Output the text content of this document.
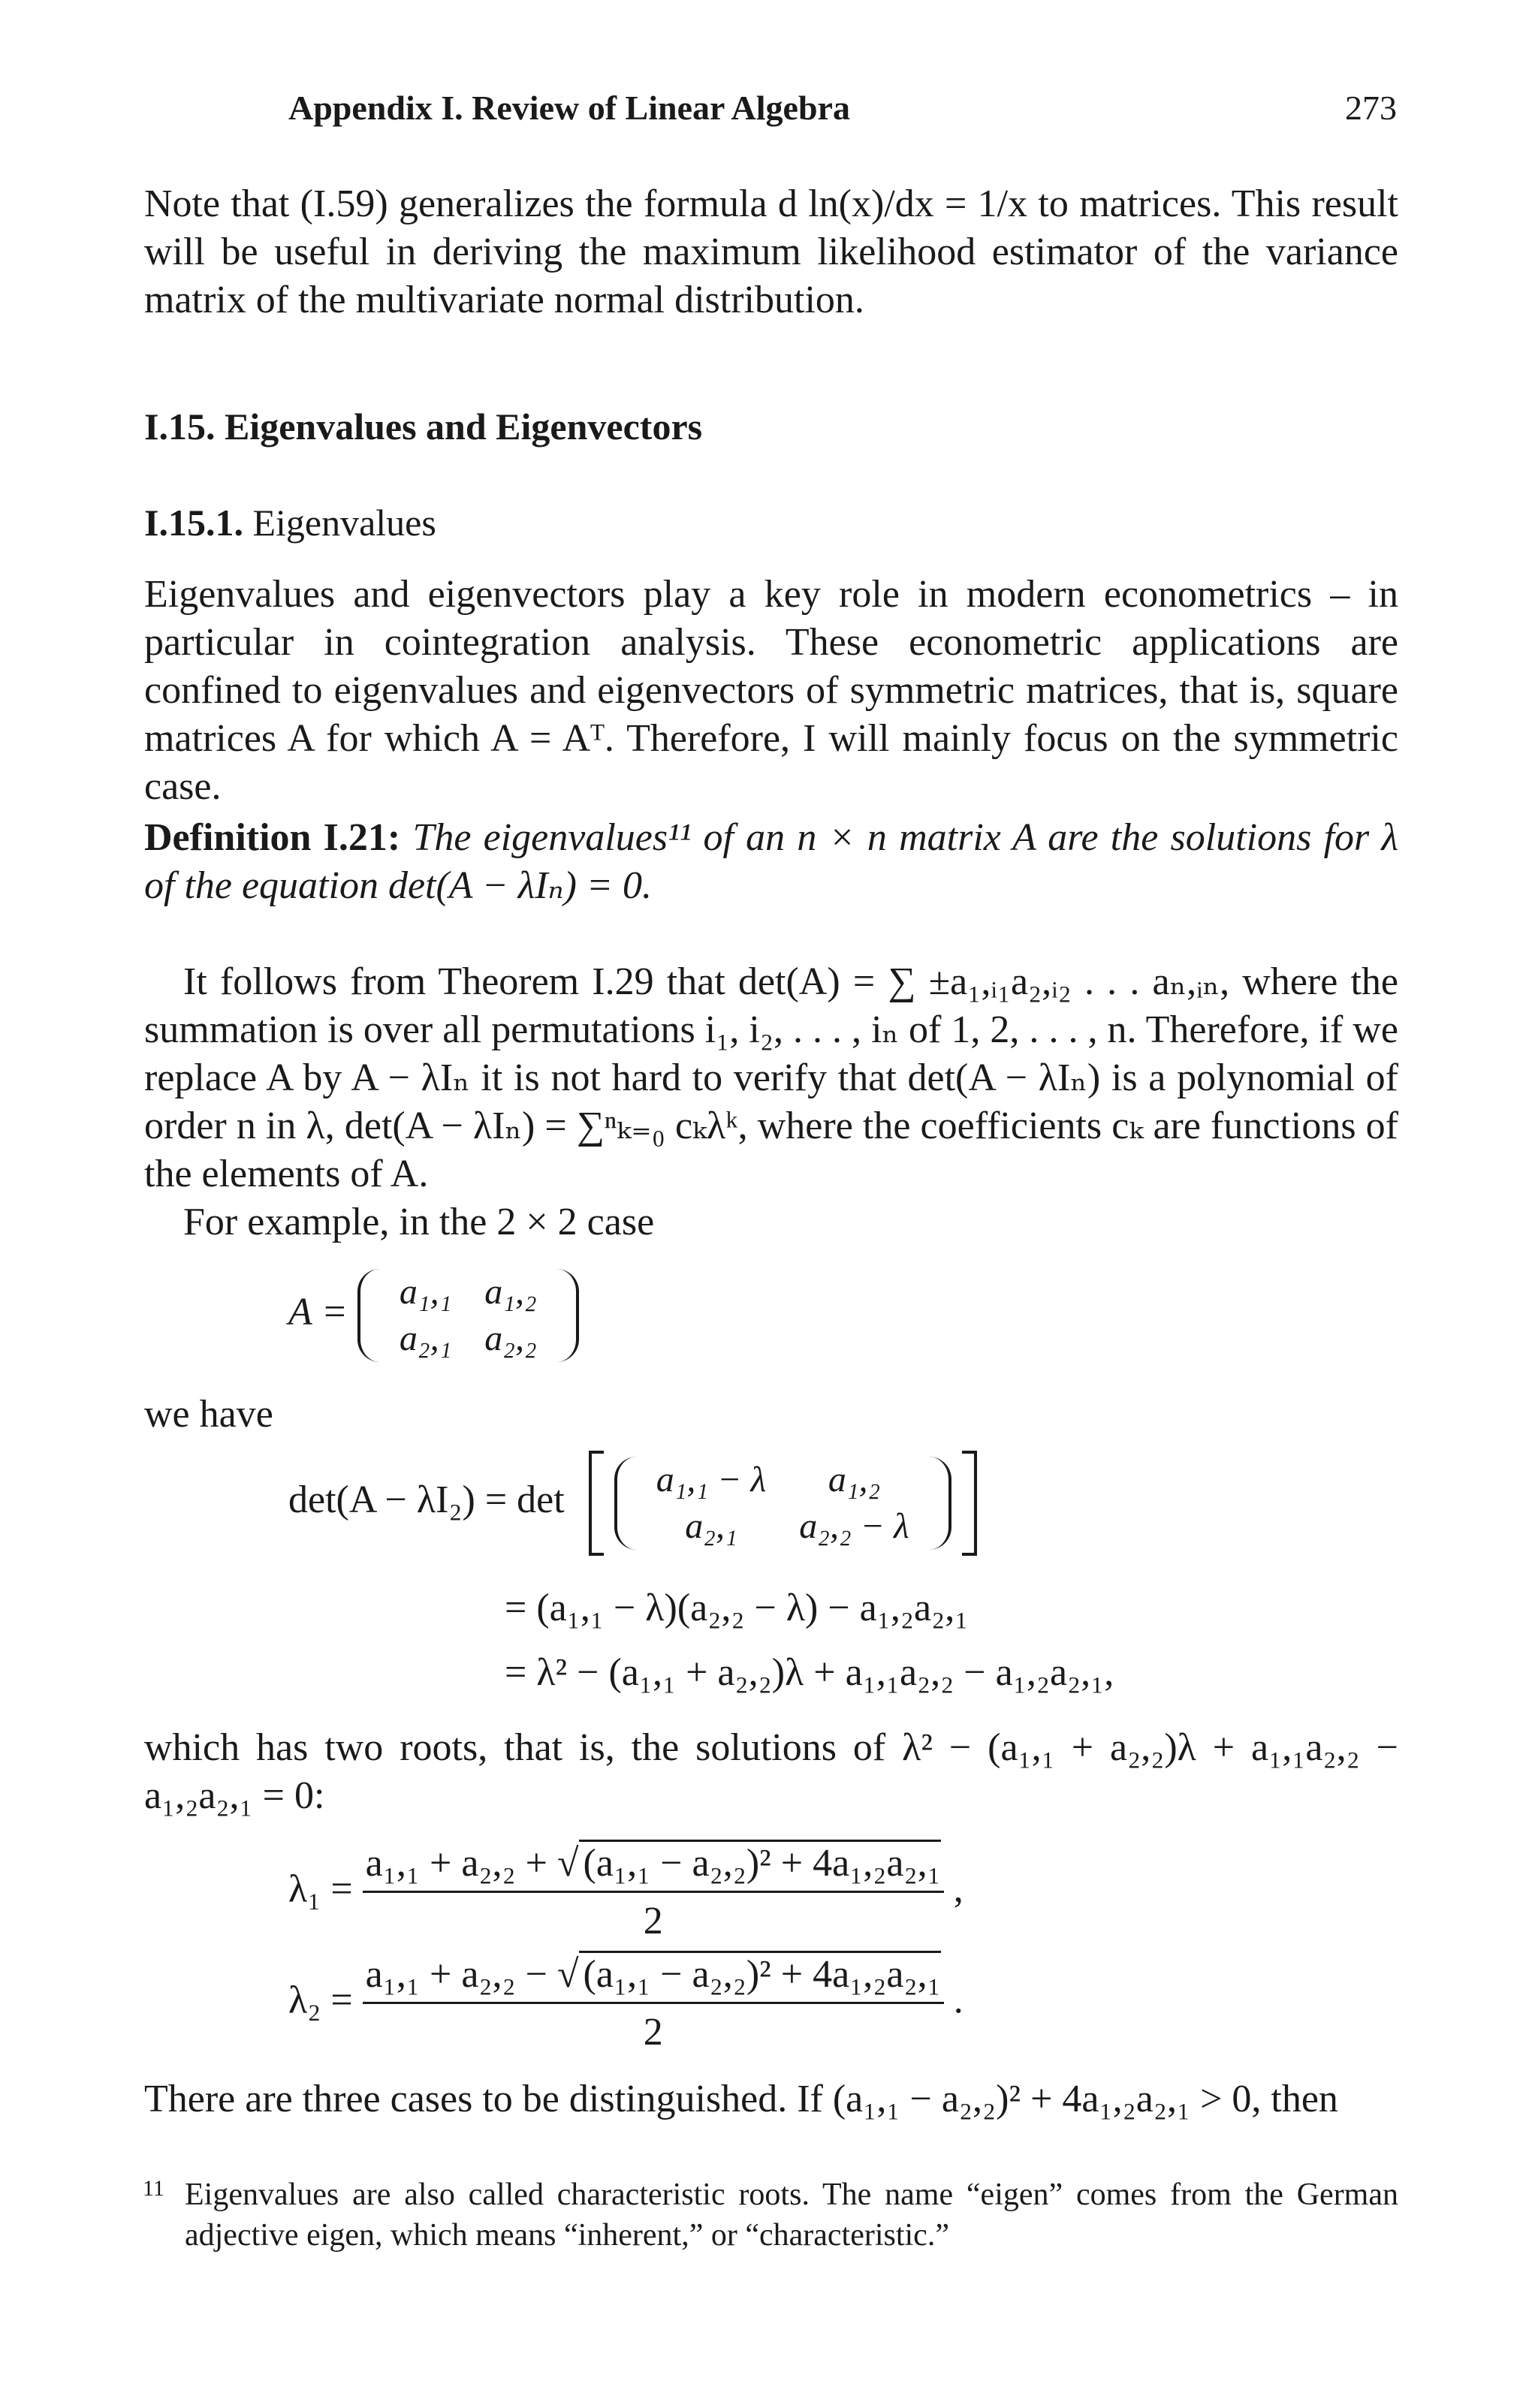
Appendix I. Review of Linear Algebra	273
Note that (I.59) generalizes the formula d ln(x)/dx = 1/x to matrices. This result will be useful in deriving the maximum likelihood estimator of the variance matrix of the multivariate normal distribution.
I.15. Eigenvalues and Eigenvectors
I.15.1. Eigenvalues
Eigenvalues and eigenvectors play a key role in modern econometrics – in particular in cointegration analysis. These econometric applications are confined to eigenvalues and eigenvectors of symmetric matrices, that is, square matrices A for which A = Aᵀ. Therefore, I will mainly focus on the symmetric case.
Definition I.21: The eigenvalues¹¹ of an n × n matrix A are the solutions for λ of the equation det(A − λIₙ) = 0.
It follows from Theorem I.29 that det(A) = ∑ ±a₁,ᵢ₁a₂,ᵢ₂ . . . aₙ,ᵢₙ, where the summation is over all permutations i₁, i₂, . . . , iₙ of 1, 2, . . . , n. Therefore, if we replace A by A − λIₙ it is not hard to verify that det(A − λIₙ) is a polynomial of order n in λ, det(A − λIₙ) = ∑ⁿₖ₌₀ cₖλᵏ, where the coefficients cₖ are functions of the elements of A.
For example, in the 2 × 2 case
A = a₁,₁	a₁,₂
a₂,₁	a₂,₂
we have
det(A − λI₂) = det	a₁,₁ − λ	a₁,₂
a₂,₁	a₂,₂ − λ
= (a₁,₁ − λ)(a₂,₂ − λ) − a₁,₂a₂,₁
= λ² − (a₁,₁ + a₂,₂)λ + a₁,₁a₂,₂ − a₁,₂a₂,₁,
which has two roots, that is, the solutions of λ² − (a₁,₁ + a₂,₂)λ + a₁,₁a₂,₂ − a₁,₂a₂,₁ = 0:
$\lambda_1 = \frac{\text{a₁,₁ + a₂,₂ + √ (a₁,₁ − a₂,₂)² + 4a₁,₂a₂,₁}}{2}$ ,
$\lambda_2 = \frac{\text{a₁,₁ + a₂,₂ − √ (a₁,₁ − a₂,₂)² + 4a₁,₂a₂,₁}}{2}$ .
There are three cases to be distinguished. If (a₁,₁ − a₂,₂)² + 4a₁,₂a₂,₁ > 0, then
11 Eigenvalues are also called characteristic roots. The name “eigen” comes from the German adjective eigen, which means “inherent,” or “characteristic.”
